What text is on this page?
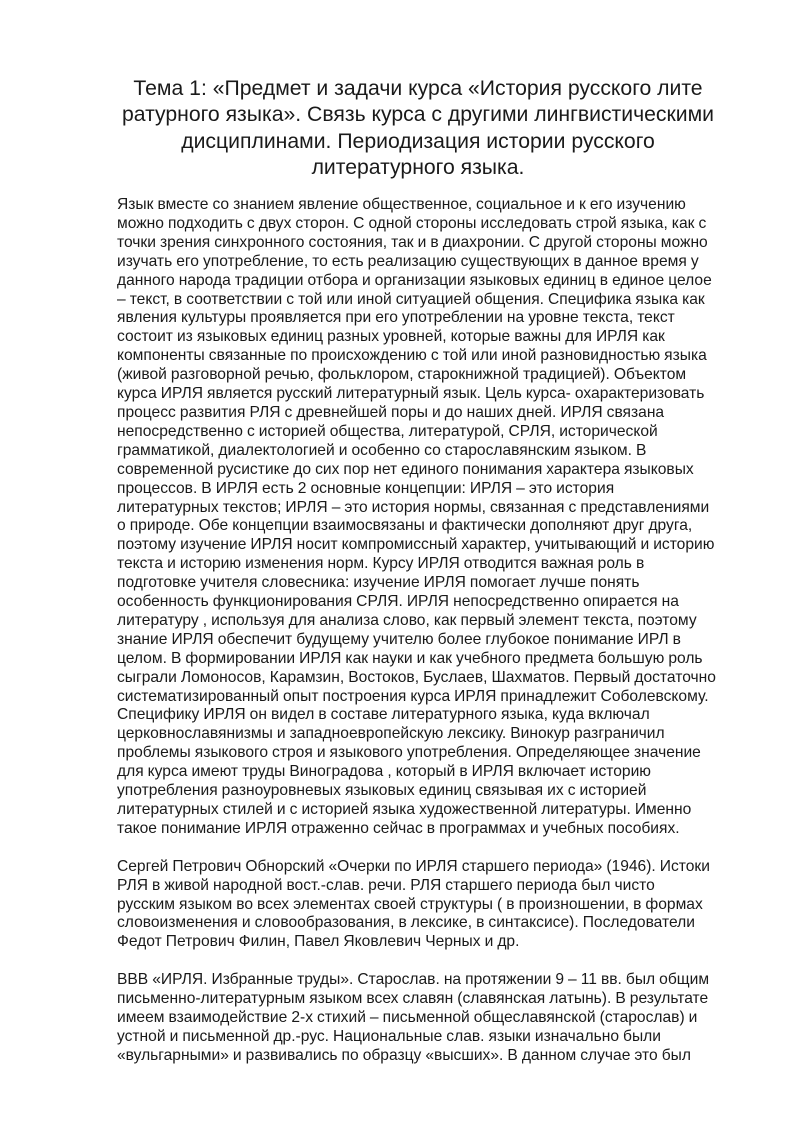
Тема 1: «Предмет и задачи курса «История русского лите
ратурного языка». Связь курса с другими лингвистическими
дисциплинами. Периодизация истории русского
литературного языка.

Язык вместе со знанием явление общественное, социальное и к его изучению
можно подходить с двух сторон. С одной стороны исследовать строй языка, как с
точки зрения синхронного состояния, так и в диахронии. С другой стороны можно
изучать его употребление, то есть реализацию существующих в данное время у
данного народа традиции отбора и организации языковых единиц в единое целое
– текст, в соответствии с той или иной ситуацией общения. Специфика языка как
явления культуры проявляется при его употреблении на уровне текста, текст
состоит из языковых единиц разных уровней, которые важны для ИРЛЯ как
компоненты связанные по происхождению с той или иной разновидностью языка
(живой разговорной речью, фольклором, старокнижной традицией). Объектом
курса ИРЛЯ является русский литературный язык. Цель курса- охарактеризовать
процесс развития РЛЯ с древнейшей поры и до наших дней. ИРЛЯ связана
непосредственно с историей общества, литературой, СРЛЯ, исторической
грамматикой, диалектологией и особенно со старославянским языком. В
современной русистике до сих пор нет единого понимания характера языковых
процессов. В ИРЛЯ есть 2 основные концепции: ИРЛЯ – это история
литературных текстов; ИРЛЯ – это история нормы, связанная с представлениями
о природе. Обе концепции взаимосвязаны и фактически дополняют друг друга,
поэтому изучение ИРЛЯ носит компромиссный характер, учитывающий и историю
текста и историю изменения норм. Курсу ИРЛЯ отводится важная роль в
подготовке учителя словесника: изучение ИРЛЯ помогает лучше понять
особенность функционирования СРЛЯ. ИРЛЯ непосредственно опирается на
литературу , используя для анализа слово, как первый элемент текста, поэтому
знание ИРЛЯ обеспечит будущему учителю более глубокое понимание ИРЛ в
целом. В формировании ИРЛЯ как науки и как учебного предмета большую роль
сыграли Ломоносов, Карамзин, Востоков, Буслаев, Шахматов. Первый достаточно
систематизированный опыт построения курса ИРЛЯ принадлежит Соболевскому.
Специфику ИРЛЯ он видел в составе литературного языка, куда включал
церковнославянизмы и западноевропейскую лексику. Винокур разграничил
проблемы языкового строя и языкового употребления. Определяющее значение
для курса имеют труды Виноградова , который в ИРЛЯ включает историю
употребления разноуровневых языковых единиц связывая их с историей
литературных стилей и с историей языка художественной литературы. Именно
такое понимание ИРЛЯ отраженно сейчас в программах и учебных пособиях.

Сергей Петрович Обнорский «Очерки по ИРЛЯ старшего периода» (1946). Истоки
РЛЯ в живой народной вост.-слав. речи. РЛЯ старшего периода был чисто
русским языком во всех элементах своей структуры ( в произношении, в формах
словоизменения и словообразования, в лексике, в синтаксисе). Последователи
Федот Петрович Филин, Павел Яковлевич Черных и др.

ВВВ «ИРЛЯ. Избранные труды». Старослав. на протяжении 9 – 11 вв. был общим
письменно-литературным языком всех славян (славянская латынь). В результате
имеем взаимодействие 2-х стихий – письменной общеславянской (старослав) и
устной и письменной др.-рус. Национальные слав. языки изначально были
«вульгарными» и развивались по образцу «высших». В данном случае это был
